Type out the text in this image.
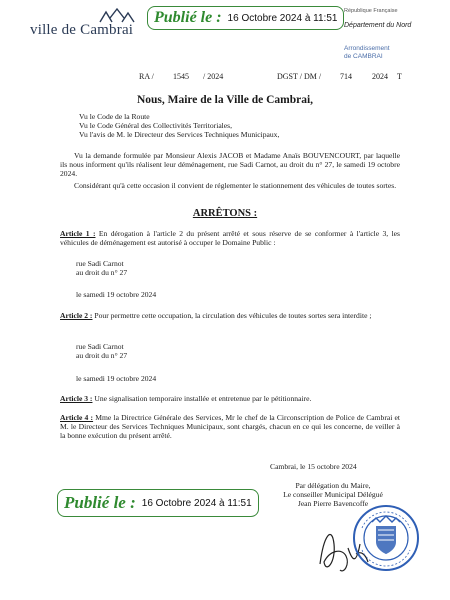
ville de Cambrai
Publié le : 16 Octobre 2024 à 11:51
République Française
Département du Nord
Arrondissement
de CAMBRAI
RA / 1545 / 2024	DGST / DM / 714	2024 T
Nous, Maire de la Ville de Cambrai,
Vu le Code de la Route
Vu le Code Général des Collectivités Territoriales,
Vu l'avis de M. le Directeur des Services Techniques Municipaux,
Vu la demande formulée par Monsieur Alexis JACOB et Madame Anaïs BOUVENCOURT, par laquelle ils nous informent qu'ils réalisent leur déménagement, rue Sadi Carnot, au droit du n° 27, le samedi 19 octobre 2024.
Considérant qu'à cette occasion il convient de réglementer le stationnement des véhicules de toutes sortes.
ARRÊTONS :
Article 1 : En dérogation à l'article 2 du présent arrêté et sous réserve de se conformer à l'article 3, les véhicules de déménagement est autorisé à occuper le Domaine Public :
rue Sadi Carnot
au droit du n° 27
le samedi 19 octobre 2024
Article 2 : Pour permettre cette occupation, la circulation des véhicules de toutes sortes sera interdite ;
rue Sadi Carnot
au droit du n° 27
le samedi 19 octobre 2024
Article 3 : Une signalisation temporaire installée et entretenue par le pétitionnaire.
Article 4 : Mme la Directrice Générale des Services, Mr le chef de la Circonscription de Police de Cambrai et M. le Directeur des Services Techniques Municipaux, sont chargés, chacun en ce qui les concerne, de veiller à la bonne exécution du présent arrêté.
Cambrai, le 15 octobre 2024
Par délégation du Maire,
Le conseiller Municipal Délégué
Jean Pierre Bavencoffe
Publié le : 16 Octobre 2024 à 11:51
